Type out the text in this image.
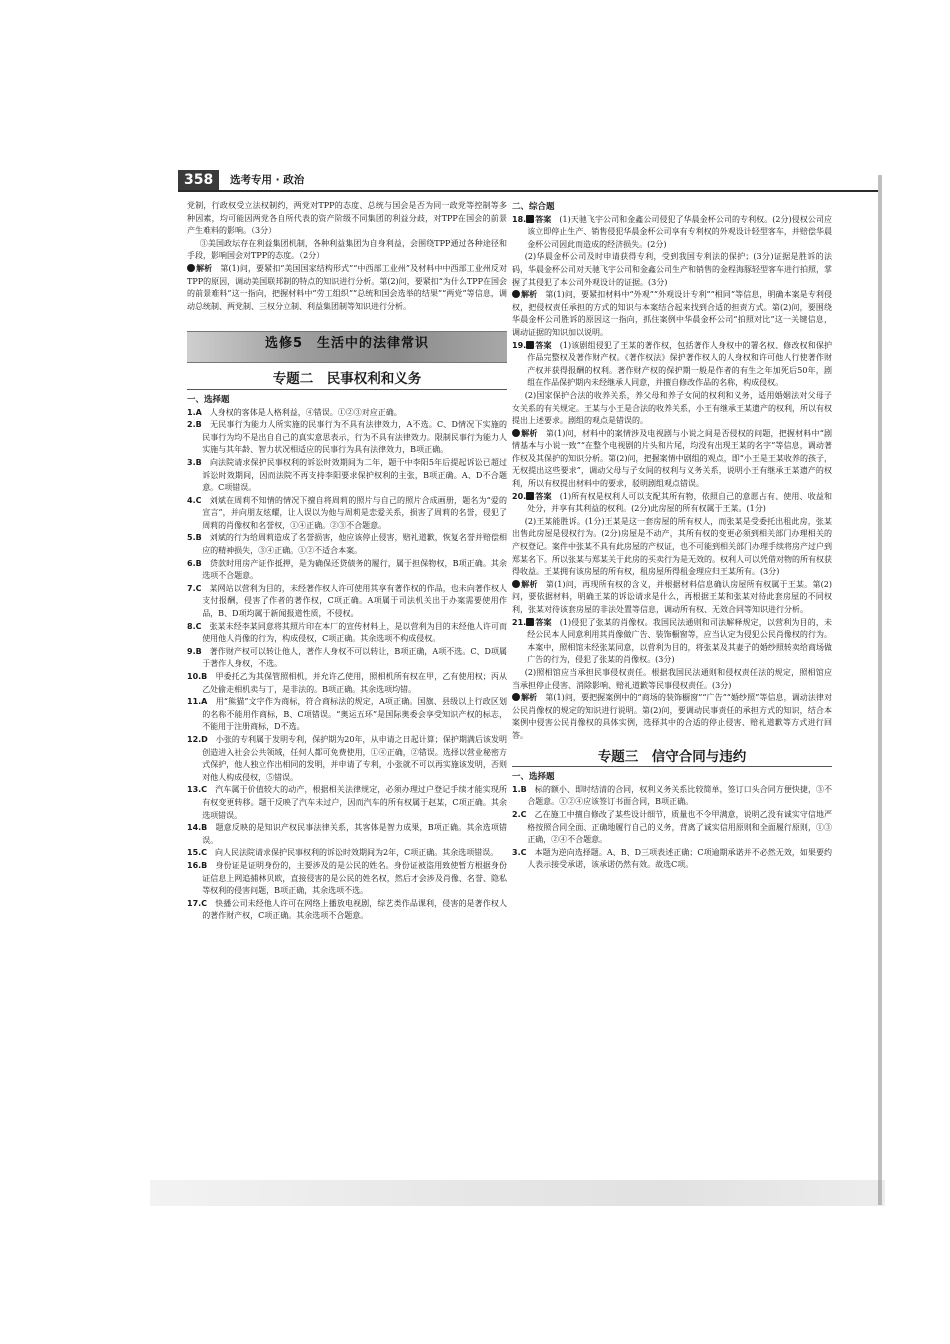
358	选考专用 · 政治

党制，行政权受立法权制约，两党对TPP的态度、总统与国会是否为同一政党等控制等多种因素，均可能因两党各自所代表的资产阶级不同集团的利益分歧，对TPP在国会的前景产生难料的影响。（3分）

③美国政坛存在利益集团机制，各种利益集团为自身利益，会围绕TPP通过各种途径和手段，影响国会对TPP的态度。（2分）

解析　 第(1)问，要紧扣“美国国家结构形式”“中西部工业州”及材料中中西部工业州反对TPP的原因，调动美国联邦制的特点的知识进行分析。第(2)问，要紧扣“为什么TPP在国会的前景难料”这一指向，把握材料中“劳工组织”“总统和国会选举的结果”“两党”等信息，调动总统制、两党制、三权分立制、利益集团制等知识进行分析。

选修5　生活中的法律常识
专题二　民事权利和义务
一、选择题

1.A　 人身权的客体是人格利益，④错误。①②③对应正确。

2.B　 无民事行为能力人所实施的民事行为不具有法律效力，A不选。C、D情况下实施的民事行为均不是出自自己的真实意思表示，行为不具有法律效力。限制民事行为能力人实施与其年龄、智力状况相适应的民事行为具有法律效力，B项正确。

3.B　 向法院请求保护民事权利的诉讼时效期间为二年，题干中李阳5年后提起诉讼已超过诉讼时效期间，因而法院不再支持李阳要求保护权利的主张，B项正确。A、D不合题意。C项错误。

4.C　 刘斌在周莉不知情的情况下擅自将周莉的照片与自己的照片合成画册，题名为“爱的宣言”，并向朋友炫耀，让人误以为他与周莉是恋爱关系，损害了周莉的名誉，侵犯了周莉的肖像权和名誉权，①④正确。②③不合题意。

5.B　 刘斌的行为给周莉造成了名誉损害，他应该停止侵害，赔礼道歉，恢复名誉并赔偿相应的精神损失，③④正确。①②不适合本案。

6.B　 贷款时用房产证作抵押，是为确保还贷债务的履行，属于担保物权，B项正确。其余选项不合题意。

7.C　 某网站以营利为目的，未经著作权人许可使用其享有著作权的作品，也未向著作权人支付报酬，侵害了作者的著作权，C项正确。A项属于司法机关出于办案需要使用作品，B、D项均属于新闻报道性质，不侵权。

8.C　 张某未经李某同意将其照片印在本厂的宣传材料上，是以营利为目的未经他人许可而使用他人肖像的行为，构成侵权，C项正确。其余选项不构成侵权。

9.B　 著作财产权可以转让他人，著作人身权不可以转让，B项正确，A项不选。C、D项属于著作人身权，不选。

10.B　 甲委托乙为其保管照相机，并允许乙使用，照相机所有权在甲，乙有使用权；丙从乙处偷走相机卖与丁，是非法的。B项正确。其余选项均错。

11.A　 用“熊猫”文字作为商标，符合商标法的规定，A项正确。国旗、县级以上行政区划的名称不能用作商标，B、C项错误。“奥运五环”是国际奥委会享受知识产权的标志，不能用于注册商标，D不选。

12.D　 小张的专利属于发明专利，保护期为20年，从申请之日起计算；保护期满后该发明创造进入社会公共领域，任何人都可免费使用，①④正确，②错误。选择以营业秘密方式保护，他人独立作出相同的发明，并申请了专利，小张就不可以再实施该发明，否则对他人构成侵权，⑤错误。

13.C　 汽车属于价值较大的动产，根据相关法律规定，必须办理过户登记手续才能实现所有权变更转移。题干反映了汽车未过户，因而汽车的所有权属于赵某，C项正确。其余选项错误。

14.B　 题意反映的是知识产权民事法律关系，其客体是智力成果，B项正确。其余选项错误。

15.C　 向人民法院请求保护民事权利的诉讼时效期间为2年，C项正确。其余选项错误。

16.B　 身份证是证明身份的，主要涉及的是公民的姓名。身份证被盗用致使暂方根据身份证信息上网追捕林贝欧，直接侵害的是公民的姓名权，然后才会涉及肖像、名誉、隐私等权利的侵害问题，B项正确，其余选项不选。

17.C　 快播公司未经他人许可在网络上播放电视剧，综艺类作品课利，侵害的是著作权人的著作财产权，C项正确。其余选项不合题意。

二、综合题

18. 答案　 (1)天驰飞宇公司和金鑫公司侵犯了华晨金杯公司的专利权。(2分)侵权公司应该立即停止生产、销售侵犯华晨金杯公司享有专利权的外观设计轻型客车，并赔偿华晨金杯公司因此而造成的经济损失。(2分)

(2)华晨金杯公司及时申请获得专利，受到我国专利法的保护；(3分)证据是胜诉的法码，华晨金杯公司对天驰飞宇公司和金鑫公司生产和销售的金程海豚轻型客车进行拍照，掌握了其侵犯了本公司外观设计的证据。(3分)

解析　 第(1)问，要紧扣材料中“外观”“外观设计专利”“相同”等信息，明确本案是专利侵权，把侵权责任承担的方式的知识与本案结合起来找到合适的担责方式。第(2)问，要围绕华晨金杯公司胜诉的原因这一指向，抓住案例中华晨金杯公司“拍照对比”这一关键信息，调动证据的知识加以说明。

19. 答案　 (1)该剧组侵犯了王某的著作权，包括著作人身权中的署名权、修改权和保护作品完整权及著作财产权。《著作权法》保护著作权人的人身权和许可他人行使著作财产权并获得报酬的权利。著作财产权的保护期一般是作者的有生之年加死后50年，剧组在作品保护期内未经继承人同意，并擅自修改作品的名称，构成侵权。

(2)国家保护合法的收养关系，养父母和养子女间的权利和义务，适用婚姻法对父母子女关系的有关规定。王某与小王是合法的收养关系，小王有继承王某遗产的权利，所以有权提出上述要求。剧组的观点是错误的。

解析　 第(1)问，材料中的案情涉及电视剧与小说之间是否侵权的问题，把握材料中“剧情基本与小说一致”“在整个电视剧的片头和片尾，均没有出现王某的名字”等信息，调动著作权及其保护的知识分析。第(2)问，把握案情中剧组的观点，即“小王是王某收养的孩子，无权提出这些要求”，调动父母与子女间的权利与义务关系，说明小王有继承王某遗产的权利，所以有权提出材料中的要求，驳明剧组观点错误。

20. 答案　 (1)所有权是权利人可以支配其所有物，依照自己的意愿占有、使用、收益和处分，并享有其利益的权利。(2分)此房屋的所有权属于王某。(1分)

(2)王某能胜诉。(1分)王某是这一套房屋的所有权人，而张某是受委托出租此房，张某出售此房屋是侵权行为。(2分)房屋是不动产，其所有权的变更必须到相关部门办理相关的产权登记。案件中张某不具有此房屋的产权证，也不可能到相关部门办理手续将房产过户到郑某名下。所以张某与郑某关于此房的买卖行为是无效的。权利人可以凭借对物的所有权获得收益。王某拥有该房屋的所有权，租房屋所得租金理应归王某所有。(3分)

解析　 第(1)问，再现所有权的含义，并根据材料信息确认房屋所有权属于王某。第(2)问，要依据材料，明确王某的诉讼请求是什么，再根据王某和张某对待此套房屋的不同权利，张某对待该套房屋的非法处置等信息，调动所有权、无效合同等知识进行分析。

21. 答案　 (1)侵犯了张某的肖像权。我国民法通则和司法解释规定，以营利为目的，未经公民本人同意利用其肖像做广告、装饰橱窗等，应当认定为侵犯公民肖像权的行为。本案中，照相馆未经张某同意，以营利为目的，将张某及其妻子的婚纱照转卖给商场做广告的行为，侵犯了张某的肖像权。(3分)

(2)照相馆应当承担民事侵权责任。根据我国民法通则和侵权责任法的规定，照相馆应当承担停止侵害、消除影响、赔礼道歉等民事侵权责任。(3分)

解析　 第(1)问，要把握案例中的“商场的装饰橱窗”“广告”“婚纱照”等信息，调动法律对公民肖像权的规定的知识进行说明。第(2)问，要调动民事责任的承担方式的知识，结合本案例中侵害公民肖像权的具体实例，选择其中的合适的停止侵害、赔礼道歉等方式进行回答。

专题三　信守合同与违约
一、选择题

1.B　 标的额小、即时结清的合同，权利义务关系比较简单，签订口头合同方便快捷，③不合题意。①②④应该签订书面合同，B项正确。

2.C　 乙在施工中擅自修改了某些设计细节，质量也不令甲满意，说明乙没有诚实守信地严格按照合同全面、正确地履行自己的义务，背离了诚实信用原则和全面履行原则，①③正确，②④不合题意。

3.C　 本题为逆向选择题。A、B、D三项表述正确；C项逾期承诺并不必然无效，如果要约人表示接受承诺，该承诺仍然有效。故选C项。
